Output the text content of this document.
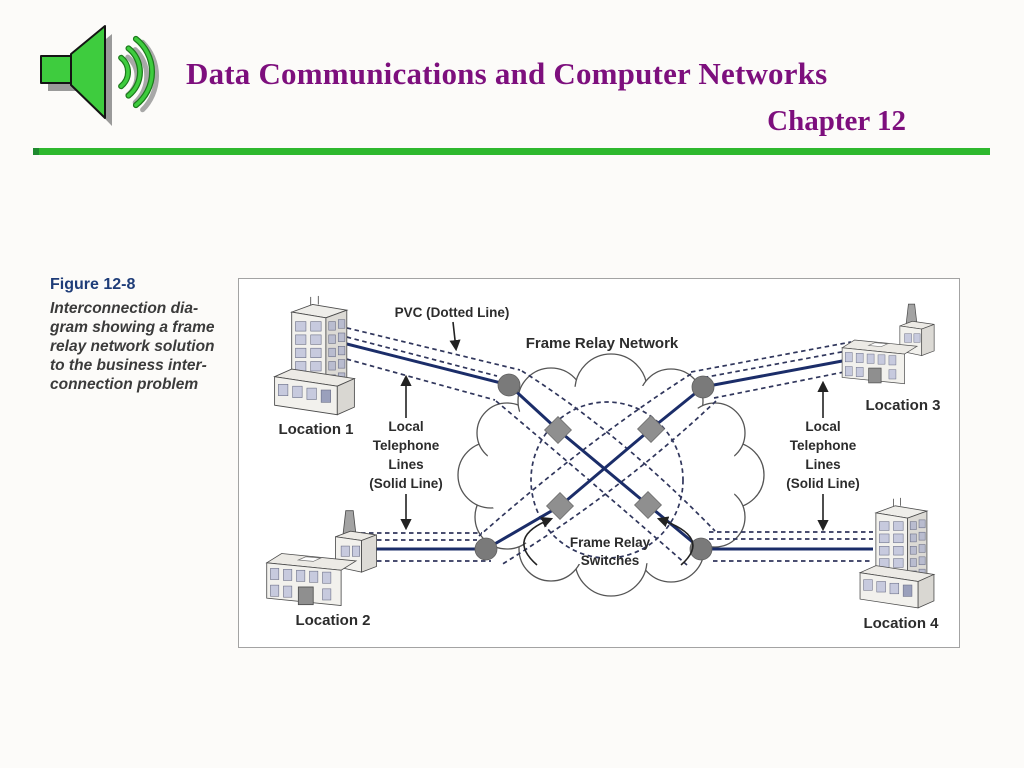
Data Communications and Computer Networks
Chapter 12
Figure 12-8
Interconnection dia-
gram showing a frame
relay network solution
to the business inter-
connection problem
Frame Relay Network
PVC (Dotted Line)
Local
Telephone
Lines
(Solid Line)
Local
Telephone
Lines
(Solid Line)
Frame Relay
Switches
Location 1
Location 2
Location 3
Location 4
